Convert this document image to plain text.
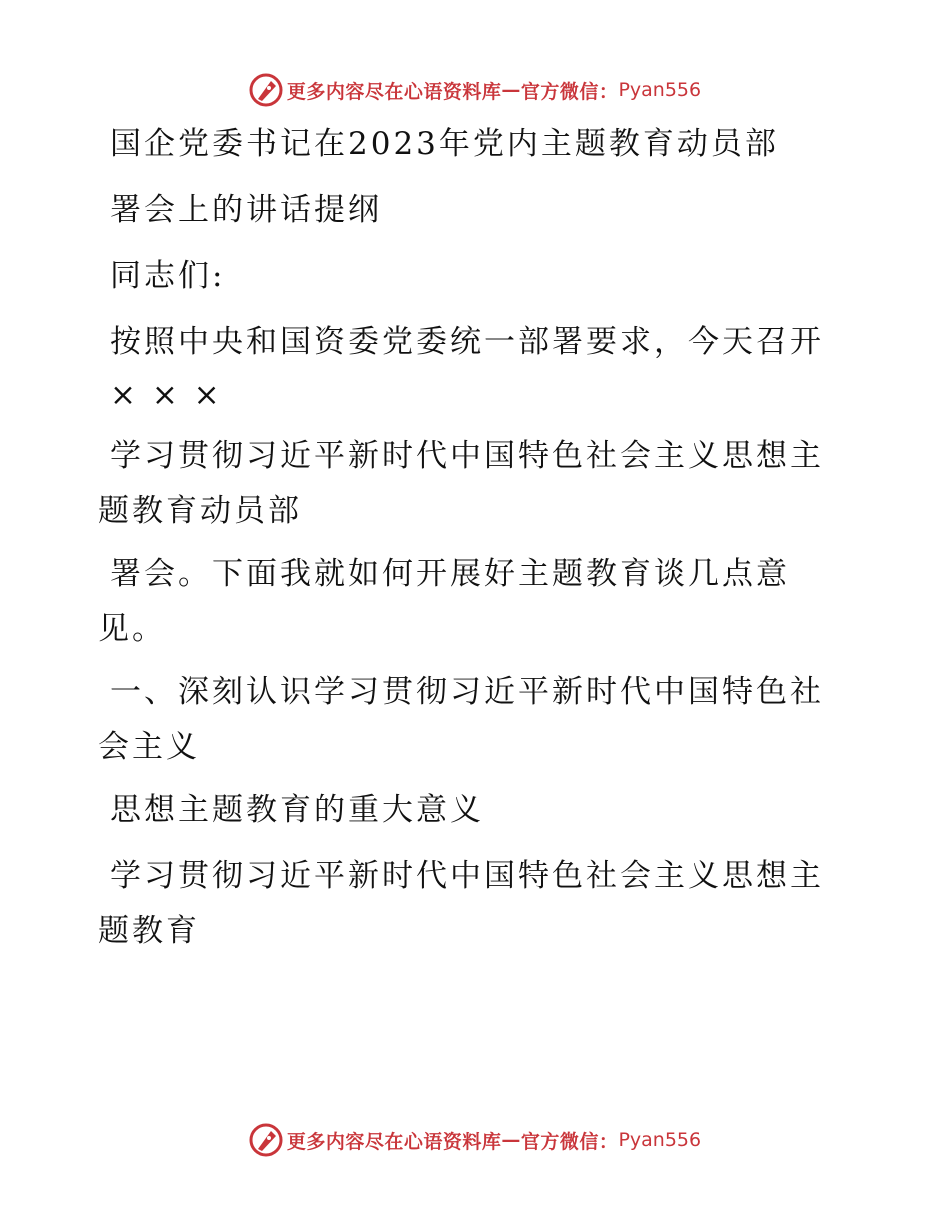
更多内容尽在心语资料库 — 官方微信： Pyan556
国企党委书记在2023年党内主题教育动员部
署会上的讲话提纲
同志们:
按照中央和国资委党委统一部署要求，今天召开
× × ×
学习贯彻习近平新时代中国特色社会主义思想主
题教育动员部
署会。下面我就如何开展好主题教育谈几点意
见。
一、深刻认识学习贯彻习近平新时代中国特色社
会主义
思想主题教育的重大意义
学习贯彻习近平新时代中国特色社会主义思想主
题教育
更多内容尽在心语资料库 — 官方微信： Pyan556
